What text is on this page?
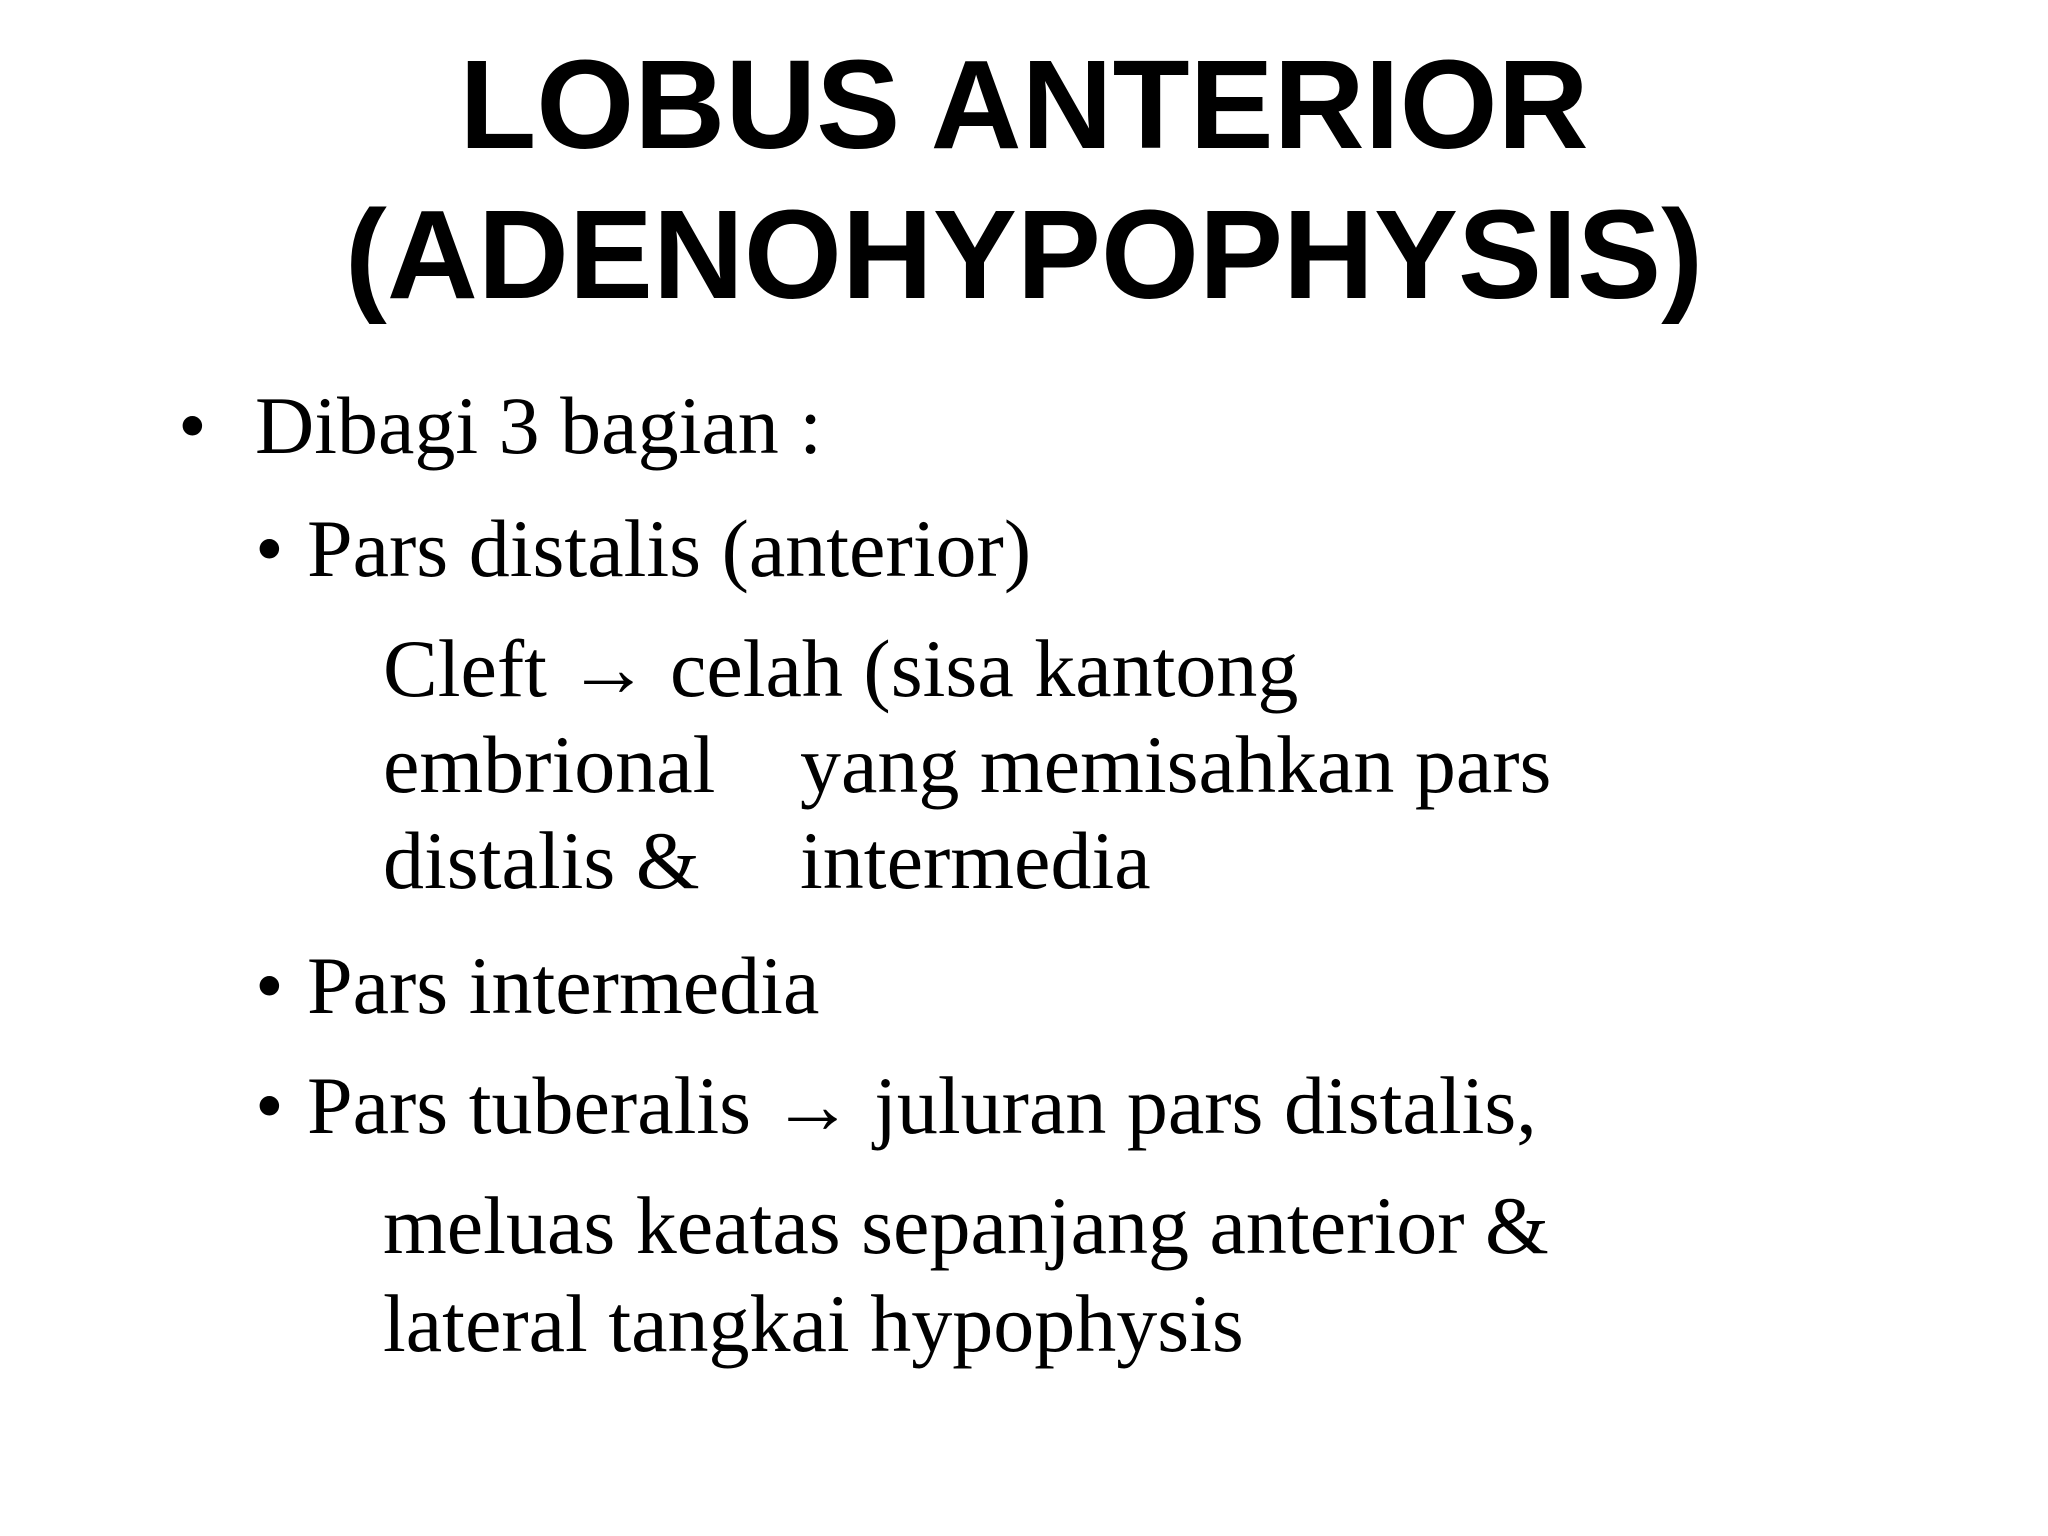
LOBUS ANTERIOR
(ADENOHYPOPHYSIS)
• Dibagi 3 bagian :

• Pars distalis (anterior)

Cleft → celah (sisa kantong

embrional yang memisahkan pars

distalis & intermedia

• Pars intermedia

• Pars tuberalis → juluran pars distalis,

meluas keatas sepanjang anterior &

lateral tangkai hypophysis
